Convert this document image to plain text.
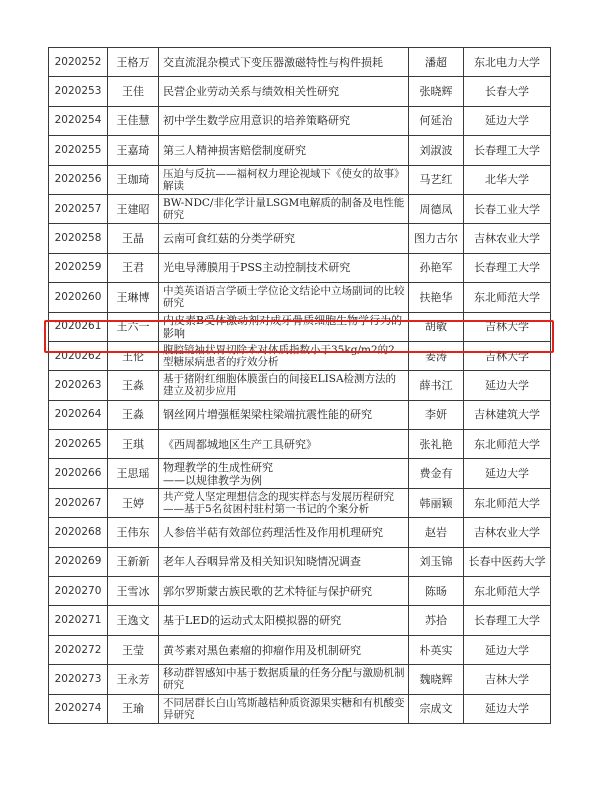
2020252	王格万	交直流混杂模式下变压器激磁特性与构件损耗	潘超	东北电力大学
2020253	王佳	民营企业劳动关系与绩效相关性研究	张晓辉	长春大学
2020254	王佳慧	初中学生数学应用意识的培养策略研究	何延治	延边大学
2020255	王嘉琦	第三人精神损害赔偿制度研究	刘淑波	长春理工大学
2020256	王珈琦	压迫与反抗——福柯权力理论视域下《使女的故事》解读	马艺红	北华大学
2020257	王建昭	BW-NDC/非化学计量LSGM电解质的制备及电性能研究	周德凤	长春工业大学
2020258	王晶	云南可食红菇的分类学研究	图力古尔	吉林农业大学
2020259	王君	光电导薄膜用于PSS主动控制技术研究	孙艳军	长春理工大学
2020260	王琳博	中美英语语言学硕士学位论文结论中立场副词的比较研究	扶艳华	东北师范大学
2020261	王六一	内皮素B受体激动剂对成牙骨质细胞生物学行为的影响	胡敏	吉林大学
2020262	王伦	腹腔镜袖状胃切除术对体质指数小于35kg/m2的2型糖尿病患者的疗效分析	姜涛	吉林大学
2020263	王淼	基于猪附红细胞体膜蛋白的间接ELISA检测方法的建立及初步应用	薛书江	延边大学
2020264	王淼	钢丝网片增强框架梁柱梁端抗震性能的研究	李妍	吉林建筑大学
2020265	王琪	《西周都城地区生产工具研究》	张礼艳	东北师范大学
2020266	王思瑶	物理教学的生成性研究
——以规律教学为例	费金有	延边大学
2020267	王婷	共产党人坚定理想信念的现实样态与发展历程研究——基于5名贫困村驻村第一书记的个案分析	韩丽颖	东北师范大学
2020268	王伟东	人参倍半萜有效部位药理活性及作用机理研究	赵岩	吉林农业大学
2020269	王新新	老年人吞咽异常及相关知识知晓情况调查	刘玉锦	长春中医药大学
2020270	王雪冰	郭尔罗斯蒙古族民歌的艺术特征与保护研究	陈旸	东北师范大学
2020271	王逸文	基于LED的运动式太阳模拟器的研究	苏拾	长春理工大学
2020272	王莹	黄芩素对黑色素瘤的抑瘤作用及机制研究	朴英实	延边大学
2020273	王永芳	移动群智感知中基于数据质量的任务分配与激励机制研究	魏晓辉	吉林大学
2020274	王瑜	不同居群长白山笃斯越桔种质资源果实糖和有机酸变异研究	宗成文	延边大学
